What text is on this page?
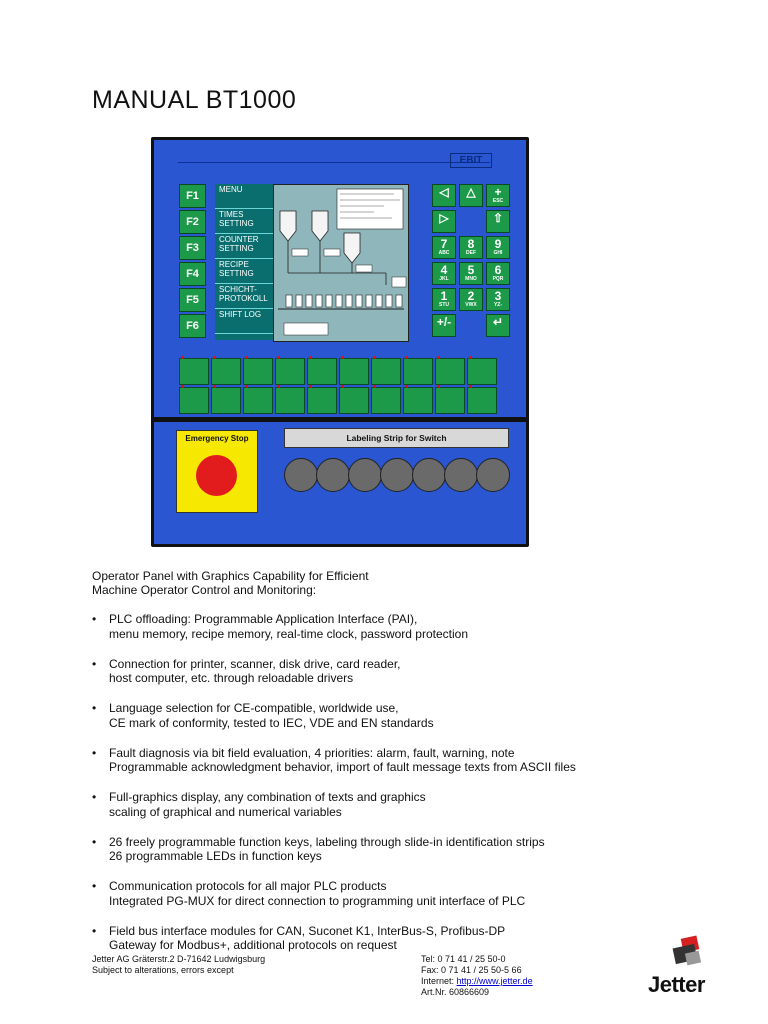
MANUAL BT1000
EBIT
F1
F2
F3
F4
F5
F6
MENU
TIMES SETTING
COUNTER SETTING
RECIPE SETTING
SCHICHT-PROTOKOLL
SHIFT LOG
◁	△	+
ESC
▷	⇧
7
ABC
8
DEF
9
GHI
4
JKL
5
MNO
6
PQR
1
STU
2
VWX
3
YZ-
+/-	↵
Emergency Stop	Labeling Strip for Switch
Operator Panel with Graphics Capability for Efficient
Machine Operator Control and Monitoring:
• PLC offloading: Programmable Application Interface (PAI),
menu memory, recipe memory, real-time clock, password protection
• Connection for printer, scanner, disk drive, card reader,
host computer, etc. through reloadable drivers
• Language selection for CE-compatible, worldwide use,
CE mark of conformity, tested to IEC, VDE and EN standards
• Fault diagnosis via bit field evaluation, 4 priorities: alarm, fault, warning, note
Programmable acknowledgment behavior, import of fault message texts from ASCII files
• Full-graphics display, any combination of texts and graphics
scaling of graphical and numerical variables
• 26 freely programmable function keys, labeling through slide-in identification strips
26 programmable LEDs in function keys
• Communication protocols for all major PLC products
Integrated PG-MUX for direct connection to programming unit interface of PLC
• Field bus interface modules for CAN, Suconet K1, InterBus-S, Profibus-DP
Gateway for Modbus+, additional protocols on request
Jetter AG Gräterstr.2 D-71642 Ludwigsburg
Subject to alterations, errors except
Tel: 0 71 41 / 25 50-0
Fax: 0 71 41 / 25 50-5 66
Internet: http://www.jetter.de
Art.Nr. 60866609	Jetter
